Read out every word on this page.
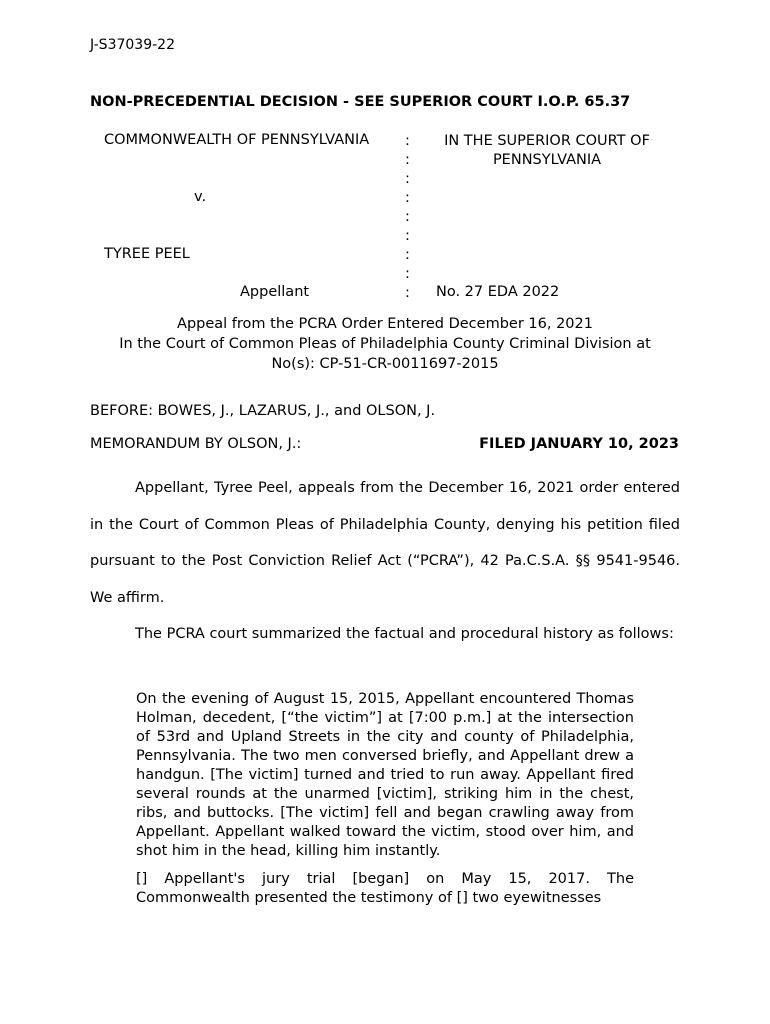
J-S37039-22
NON-PRECEDENTIAL DECISION - SEE SUPERIOR COURT I.O.P. 65.37
COMMONWEALTH OF PENNSYLVANIA
v.
TYREE PEEL
Appellant
:
:
:
:
:
:
:
:
:
IN THE SUPERIOR COURT OF
PENNSYLVANIA
No. 27 EDA 2022
Appeal from the PCRA Order Entered December 16, 2021
In the Court of Common Pleas of Philadelphia County Criminal Division at
No(s): CP-51-CR-0011697-2015
BEFORE: BOWES, J., LAZARUS, J., and OLSON, J.
MEMORANDUM BY OLSON, J.:	FILED JANUARY 10, 2023

Appellant, Tyree Peel, appeals from the December 16, 2021 order entered in the Court of Common Pleas of Philadelphia County, denying his petition filed pursuant to the Post Conviction Relief Act (“PCRA”), 42 Pa.C.S.A. §§ 9541-9546. We affirm.

The PCRA court summarized the factual and procedural history as follows:

On the evening of August 15, 2015, Appellant encountered Thomas Holman, decedent, [“the victim”] at [7:00 p.m.] at the intersection of 53rd and Upland Streets in the city and county of Philadelphia, Pennsylvania. The two men conversed briefly, and Appellant drew a handgun. [The victim] turned and tried to run away. Appellant fired several rounds at the unarmed [victim], striking him in the chest, ribs, and buttocks. [The victim] fell and began crawling away from Appellant. Appellant walked toward the victim, stood over him, and shot him in the head, killing him instantly.

[] Appellant's jury trial [began] on May 15, 2017. The Commonwealth presented the testimony of [] two eyewitnesses
